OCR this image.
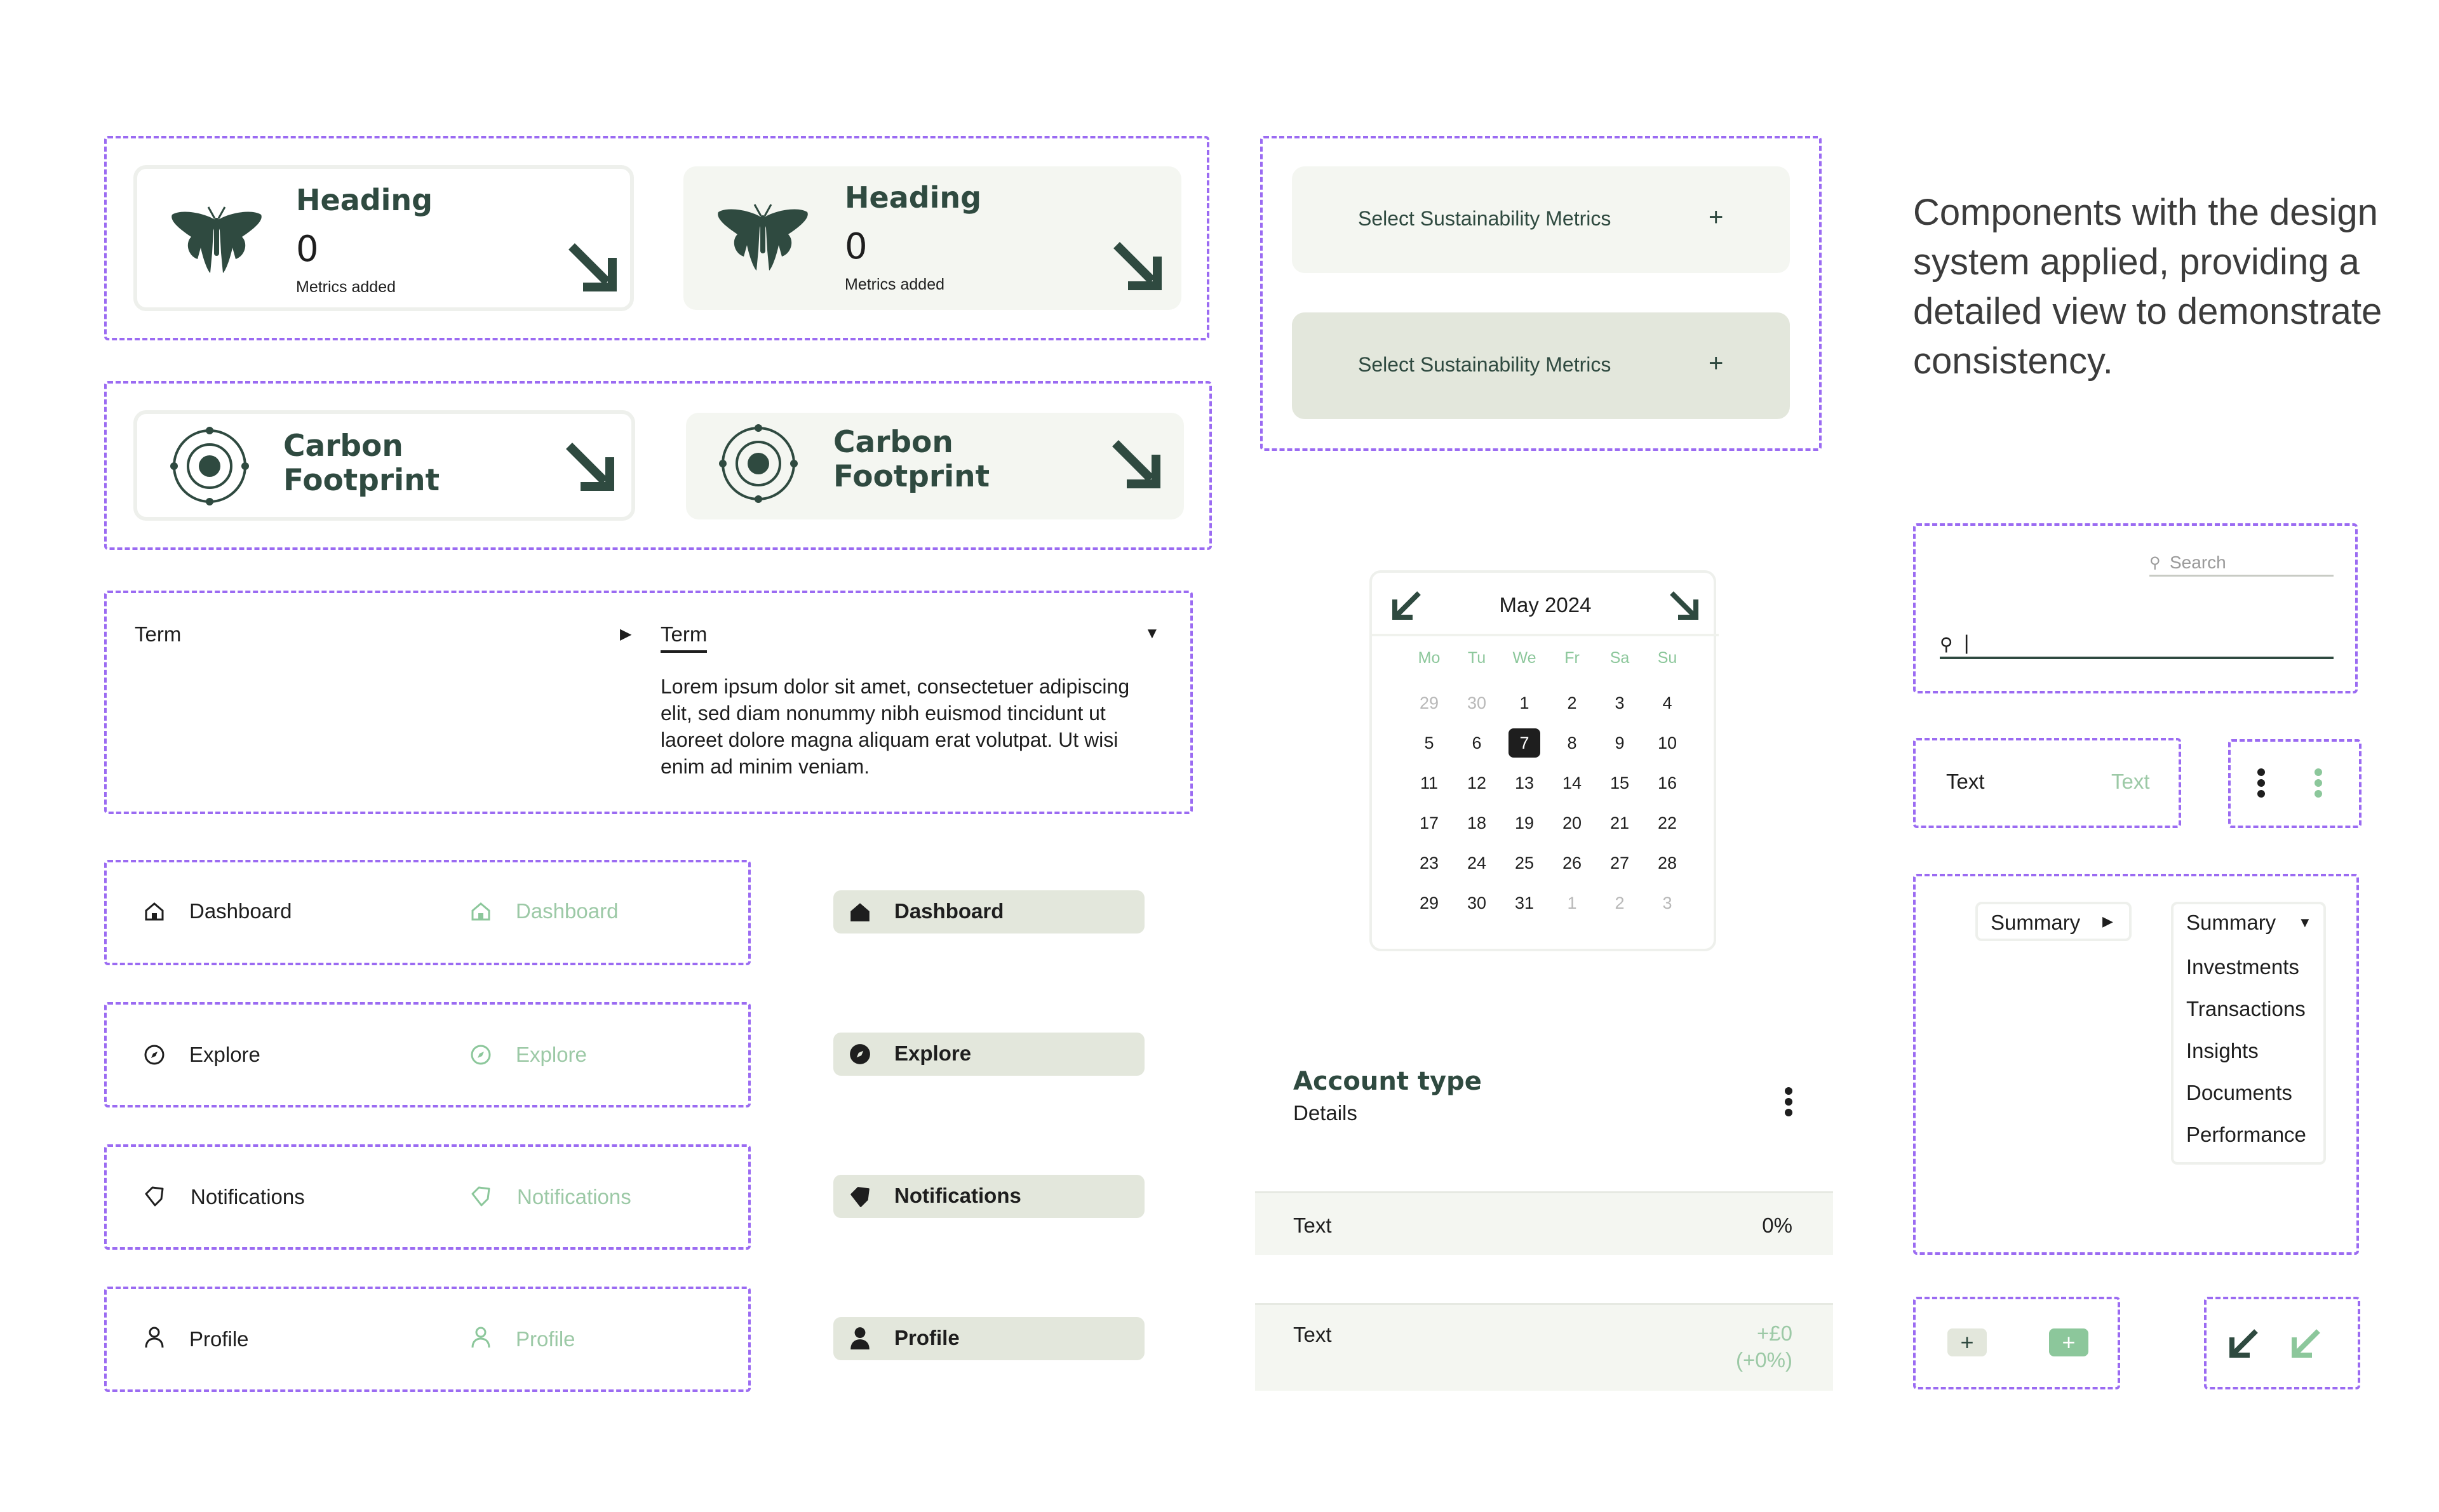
Heading
0
Metrics added
Heading
0
Metrics added
Carbon
Footprint
Carbon
Footprint
Select Sustainability Metrics	+
Select Sustainability Metrics	+
Components with the design system applied, providing a detailed view to demonstrate consistency.
Term	▶ Term	▼
Lorem ipsum dolor sit amet, consectetuer adipiscing elit, sed diam nonummy nibh euismod tincidunt ut laoreet dolore magna aliquam erat volutpat. Ut wisi enim ad minim veniam.
May 2024
Mo	Tu	We	Fr	Sa	Su
29	30	1	2	3	4
5	6	7	8	9	10
11	12	13	14	15	16
17	18	19	20	21	22
23	24	25	26	27	28
29	30	31	1	2	3
⚲ Search
⚲ |
Text	Text
Summary ▶	Summary ▼
Investments
Transactions
Insights
Documents
Performance
+	+
Dashboard	Dashboard	Dashboard
Explore	Explore	Explore
Notifications	Notifications	Notifications
Profile	Profile	Profile
Account type
Details
Text	0%
Text	+£0
(+0%)
